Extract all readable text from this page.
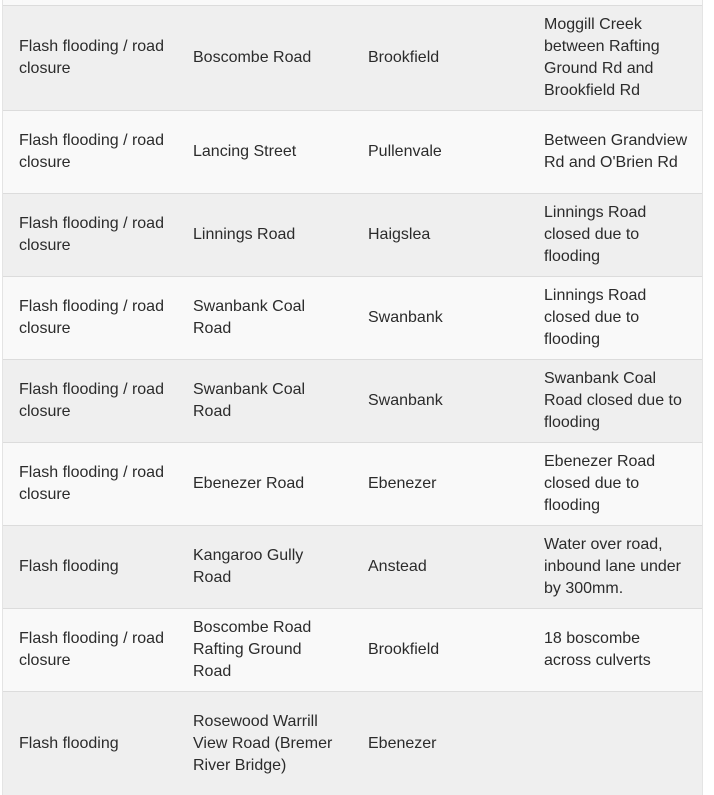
Flash flooding / road closure	Boscombe Road	Brookfield	Moggill Creek between Rafting Ground Rd and Brookfield Rd
Flash flooding / road closure	Lancing Street	Pullenvale	Between Grandview Rd and O'Brien Rd
Flash flooding / road closure	Linnings Road	Haigslea	Linnings Road closed due to flooding
Flash flooding / road closure	Swanbank Coal Road	Swanbank	Linnings Road closed due to flooding
Flash flooding / road closure	Swanbank Coal Road	Swanbank	Swanbank Coal Road closed due to flooding
Flash flooding / road closure	Ebenezer Road	Ebenezer	Ebenezer Road closed due to flooding
Flash flooding	Kangaroo Gully Road	Anstead	Water over road, inbound lane under by 300mm.
Flash flooding / road closure	Boscombe Road Rafting Ground Road	Brookfield	18 boscombe across culverts
Flash flooding	Rosewood Warrill View Road (Bremer River Bridge)	Ebenezer	
